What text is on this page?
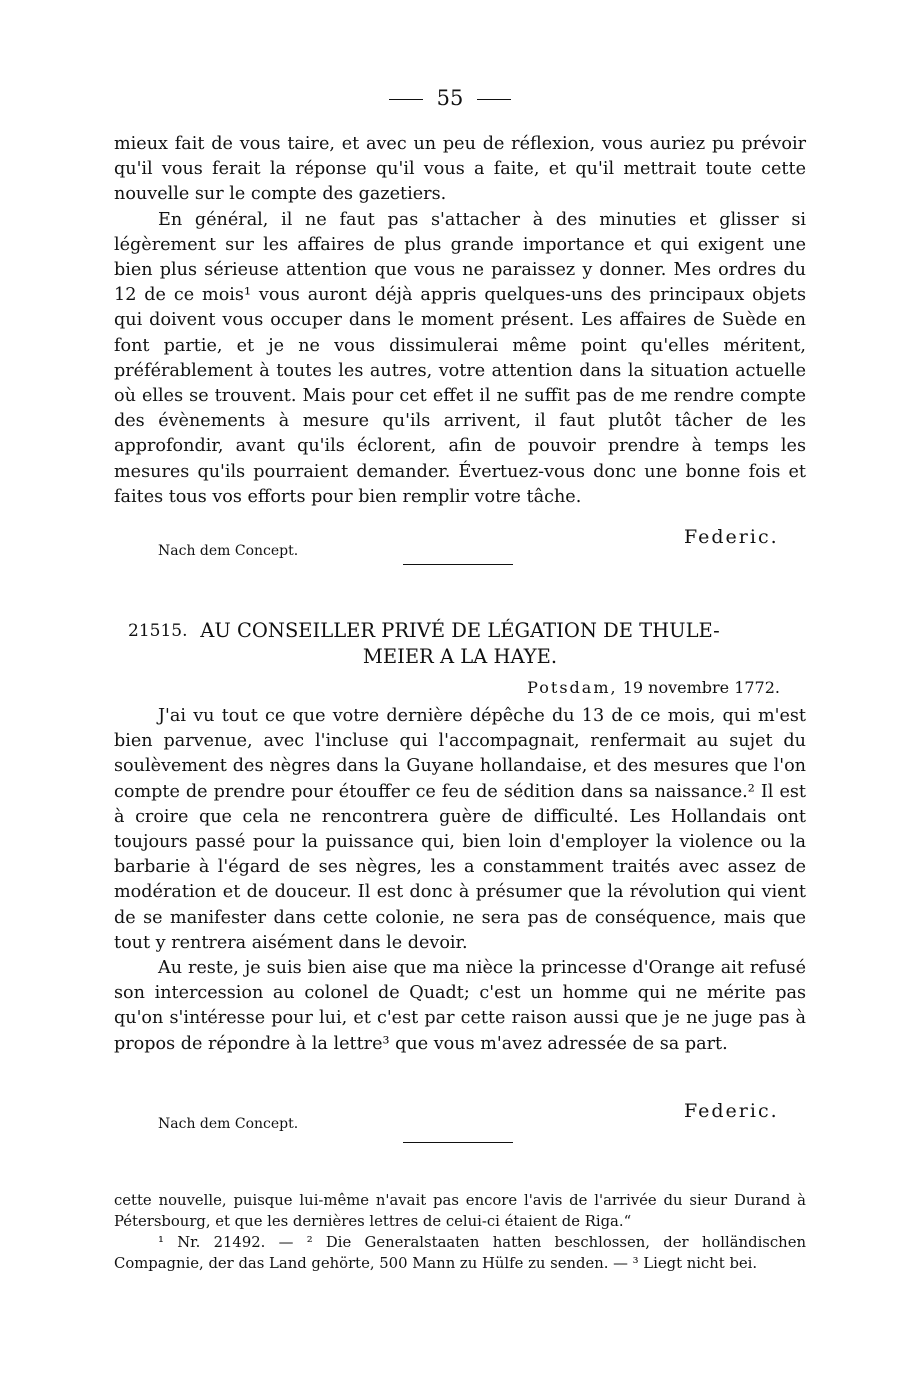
55

mieux fait de vous taire, et avec un peu de réflexion, vous auriez pu prévoir qu'il vous ferait la réponse qu'il vous a faite, et qu'il mettrait toute cette nouvelle sur le compte des gazetiers.

En général, il ne faut pas s'attacher à des minuties et glisser si légèrement sur les affaires de plus grande importance et qui exigent une bien plus sérieuse attention que vous ne paraissez y donner. Mes ordres du 12 de ce mois¹ vous auront déjà appris quelques-uns des principaux objets qui doivent vous occuper dans le moment présent. Les affaires de Suède en font partie, et je ne vous dissimulerai même point qu'elles méritent, préférablement à toutes les autres, votre attention dans la situation actuelle où elles se trouvent. Mais pour cet effet il ne suffit pas de me rendre compte des évènements à mesure qu'ils arrivent, il faut plutôt tâcher de les approfondir, avant qu'ils éclorent, afin de pouvoir prendre à temps les mesures qu'ils pourraient demander. Évertuez-vous donc une bonne fois et faites tous vos efforts pour bien remplir votre tâche.

Federic.
Nach dem Concept.
21515. AU CONSEILLER PRIVÉ DE LÉGATION DE THULE-
MEIER A LA HAYE.
Potsdam, 19 novembre 1772.

J'ai vu tout ce que votre dernière dépêche du 13 de ce mois, qui m'est bien parvenue, avec l'incluse qui l'accompagnait, renfermait au sujet du soulèvement des nègres dans la Guyane hollandaise, et des mesures que l'on compte de prendre pour étouffer ce feu de sédition dans sa naissance.² Il est à croire que cela ne rencontrera guère de difficulté. Les Hollandais ont toujours passé pour la puissance qui, bien loin d'employer la violence ou la barbarie à l'égard de ses nègres, les a constamment traités avec assez de modération et de douceur. Il est donc à présumer que la révolution qui vient de se manifester dans cette colonie, ne sera pas de conséquence, mais que tout y rentrera aisément dans le devoir.

Au reste, je suis bien aise que ma nièce la princesse d'Orange ait refusé son intercession au colonel de Quadt; c'est un homme qui ne mérite pas qu'on s'intéresse pour lui, et c'est par cette raison aussi que je ne juge pas à propos de répondre à la lettre³ que vous m'avez adressée de sa part.

Federic.
Nach dem Concept.

cette nouvelle, puisque lui-même n'avait pas encore l'avis de l'arrivée du sieur Durand à Pétersbourg, et que les dernières lettres de celui-ci étaient de Riga.“

¹ Nr. 21492. — ² Die Generalstaaten hatten beschlossen, der holländischen Compagnie, der das Land gehörte, 500 Mann zu Hülfe zu senden. — ³ Liegt nicht bei.
